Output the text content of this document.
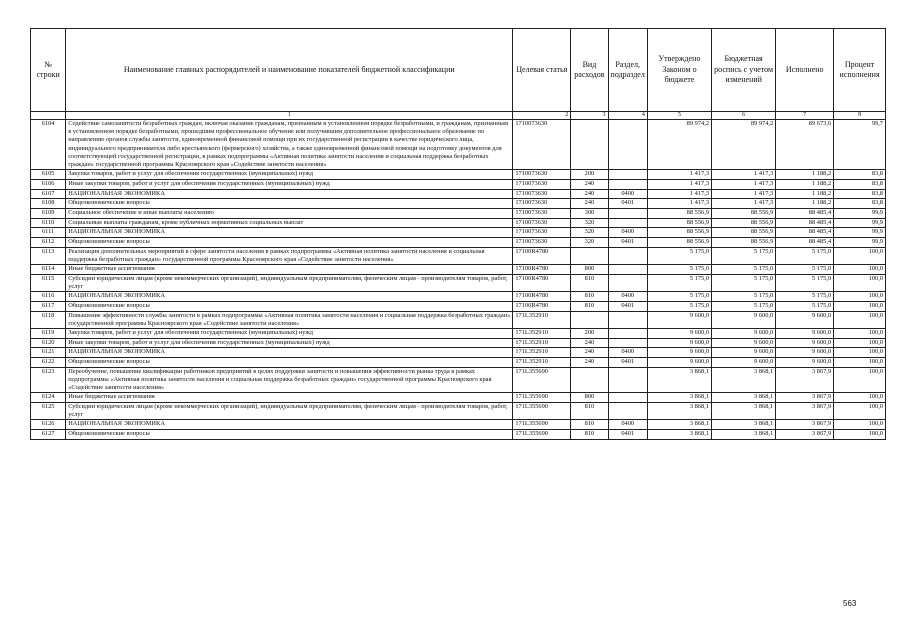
№ строки	Наименование главных распорядителей и наименование показателей бюджетной классификации	Целевая статья	Вид расходов	Раздел, подраздел	Утверждено Законом о бюджете	Бюджетная роспись с учетом изменений	Исполнено	Процент исполнения
	1	2	3	4	5	6	7	8
6104	Содействие самозанятости безработных граждан, включая оказание гражданам, признанным в установленном порядке безработными, и гражданам, признанным в установленном порядке безработными, прошедшим профессиональное обучение или получившим дополнительное профессиональное образование по направлению органов службы занятости, единовременной финансовой помощи при их государственной регистрации в качестве юридического лица, индивидуального предпринимателя либо крестьянского (фермерского) хозяйства, а также единовременной финансовой помощи на подготовку документов для соответствующей государственной регистрации, в рамках подпрограммы «Активная политика занятости населения и социальная поддержка безработных граждан» государственной программы Красноярского края «Содействие занятости населения»	1710073630			89 974,2	89 974,2	89 673,6	99,7
6105	Закупка товаров, работ и услуг для обеспечения государственных (муниципальных) нужд	1710073630	200		1 417,3	1 417,3	1 188,2	83,8
6106	Иные закупки товаров, работ и услуг для обеспечения государственных (муниципальных) нужд	1710073630	240		1 417,3	1 417,3	1 188,2	83,8
6107	НАЦИОНАЛЬНАЯ ЭКОНОМИКА	1710073630	240	0400	1 417,3	1 417,3	1 188,2	83,8
6108	Общеэкономические вопросы	1710073630	240	0401	1 417,3	1 417,3	1 188,2	83,8
6109	Социальное обеспечение и иные выплаты населению	1710073630	300		88 556,9	88 556,9	88 485,4	99,9
6110	Социальные выплаты гражданам, кроме публичных нормативных социальных выплат	1710073630	320		88 556,9	88 556,9	88 485,4	99,9
6111	НАЦИОНАЛЬНАЯ ЭКОНОМИКА	1710073630	320	0400	88 556,9	88 556,9	88 485,4	99,9
6112	Общеэкономические вопросы	1710073630	320	0401	88 556,9	88 556,9	88 485,4	99,9
6113	Реализация дополнительных мероприятий в сфере занятости населения в рамках подпрограммы «Активная политика занятости населения и социальная поддержка безработных граждан» государственной программы Красноярского края «Содействие занятости населения»	17100R4780			5 175,0	5 175,0	5 175,0	100,0
6114	Иные бюджетные ассигнования	17100R4780	800		5 175,0	5 175,0	5 175,0	100,0
6115	Субсидии юридическим лицам (кроме некоммерческих организаций), индивидуальным предпринимателям, физическим лицам - производителям товаров, работ, услуг	17100R4780	810		5 175,0	5 175,0	5 175,0	100,0
6116	НАЦИОНАЛЬНАЯ ЭКОНОМИКА	17100R4780	810	0400	5 175,0	5 175,0	5 175,0	100,0
6117	Общеэкономические вопросы	17100R4780	810	0401	5 175,0	5 175,0	5 175,0	100,0
6118	Повышение эффективности службы занятости в рамках подпрограммы «Активная политика занятости населения и социальная поддержка безработных граждан» государственной программы Красноярского края «Содействие занятости населения»	171L352910			9 600,0	9 600,0	9 600,0	100,0
6119	Закупка товаров, работ и услуг для обеспечения государственных (муниципальных) нужд	171L352910	200		9 600,0	9 600,0	9 600,0	100,0
6120	Иные закупки товаров, работ и услуг для обеспечения государственных (муниципальных) нужд	171L352910	240		9 600,0	9 600,0	9 600,0	100,0
6121	НАЦИОНАЛЬНАЯ ЭКОНОМИКА	171L352910	240	0400	9 600,0	9 600,0	9 600,0	100,0
6122	Общеэкономические вопросы	171L352910	240	0401	9 600,0	9 600,0	9 600,0	100,0
6123	Переобучение, повышение квалификации работников предприятий в целях поддержки занятости и повышения эффективности рынка труда в рамках подпрограммы «Активная политика занятости населения и социальная поддержка безработных граждан» государственной программы Красноярского края «Содействие занятости населения»	171L355690			3 868,1	3 868,1	3 867,9	100,0
6124	Иные бюджетные ассигнования	171L355690	800		3 868,1	3 868,1	3 867,9	100,0
6125	Субсидии юридическим лицам (кроме некоммерческих организаций), индивидуальным предпринимателям, физическим лицам - производителям товаров, работ, услуг	171L355690	810		3 868,1	3 868,1	3 867,9	100,0
6126	НАЦИОНАЛЬНАЯ ЭКОНОМИКА	171L355690	810	0400	3 868,1	3 868,1	3 867,9	100,0
6127	Общеэкономические вопросы	171L355690	810	0401	3 868,1	3 868,1	3 867,9	100,0
563
